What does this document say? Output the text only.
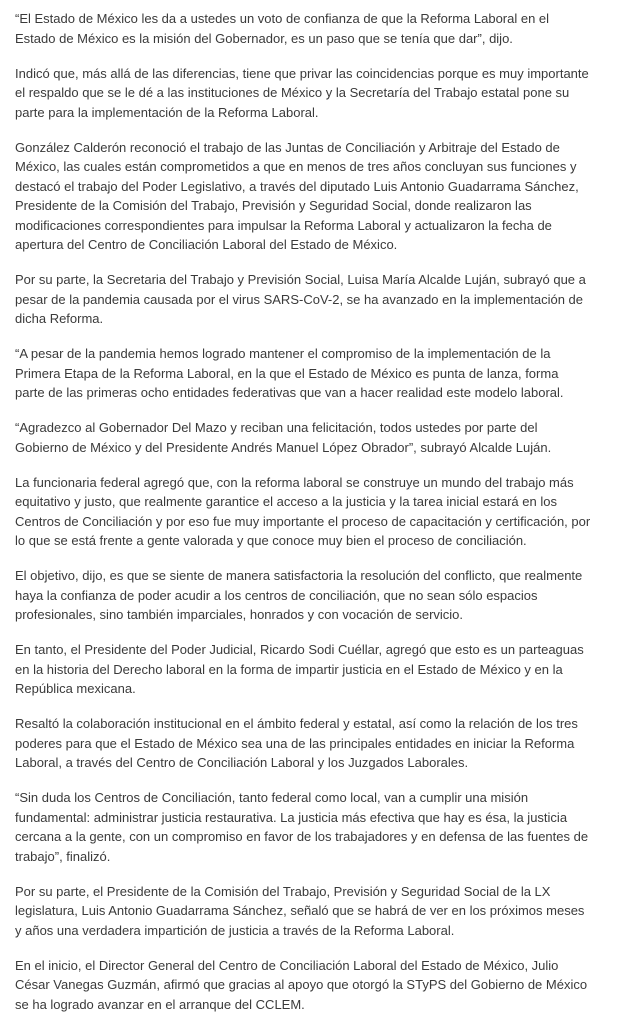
“El Estado de México les da a ustedes un voto de confianza de que la Reforma Laboral en el Estado de México es la misión del Gobernador, es un paso que se tenía que dar”, dijo.

Indicó que, más allá de las diferencias, tiene que privar las coincidencias porque es muy importante el respaldo que se le dé a las instituciones de México y la Secretaría del Trabajo estatal pone su parte para la implementación de la Reforma Laboral.

González Calderón reconoció el trabajo de las Juntas de Conciliación y Arbitraje del Estado de México, las cuales están comprometidos a que en menos de tres años concluyan sus funciones y destacó el trabajo del Poder Legislativo, a través del diputado Luis Antonio Guadarrama Sánchez, Presidente de la Comisión del Trabajo, Previsión y Seguridad Social, donde realizaron las modificaciones correspondientes para impulsar la Reforma Laboral y actualizaron la fecha de apertura del Centro de Conciliación Laboral del Estado de México.

Por su parte, la Secretaria del Trabajo y Previsión Social, Luisa María Alcalde Luján, subrayó que a pesar de la pandemia causada por el virus SARS-CoV-2, se ha avanzado en la implementación de dicha Reforma.

“A pesar de la pandemia hemos logrado mantener el compromiso de la implementación de la Primera Etapa de la Reforma Laboral, en la que el Estado de México es punta de lanza, forma parte de las primeras ocho entidades federativas que van a hacer realidad este modelo laboral.

“Agradezco al Gobernador Del Mazo y reciban una felicitación, todos ustedes por parte del Gobierno de México y del Presidente Andrés Manuel López Obrador”, subrayó Alcalde Luján.

La funcionaria federal agregó que, con la reforma laboral se construye un mundo del trabajo más equitativo y justo, que realmente garantice el acceso a la justicia y la tarea inicial estará en los Centros de Conciliación y por eso fue muy importante el proceso de capacitación y certificación, por lo que se está frente a gente valorada y que conoce muy bien el proceso de conciliación.

El objetivo, dijo, es que se siente de manera satisfactoria la resolución del conflicto, que realmente haya la confianza de poder acudir a los centros de conciliación, que no sean sólo espacios profesionales, sino también imparciales, honrados y con vocación de servicio.

En tanto, el Presidente del Poder Judicial, Ricardo Sodi Cuéllar, agregó que esto es un parteaguas en la historia del Derecho laboral en la forma de impartir justicia en el Estado de México y en la República mexicana.

Resaltó la colaboración institucional en el ámbito federal y estatal, así como la relación de los tres poderes para que el Estado de México sea una de las principales entidades en iniciar la Reforma Laboral, a través del Centro de Conciliación Laboral y los Juzgados Laborales.

“Sin duda los Centros de Conciliación, tanto federal como local, van a cumplir una misión fundamental: administrar justicia restaurativa. La justicia más efectiva que hay es ésa, la justicia cercana a la gente, con un compromiso en favor de los trabajadores y en defensa de las fuentes de trabajo”, finalizó.

Por su parte, el Presidente de la Comisión del Trabajo, Previsión y Seguridad Social de la LX legislatura, Luis Antonio Guadarrama Sánchez, señaló que se habrá de ver en los próximos meses y años una verdadera impartición de justicia a través de la Reforma Laboral.

En el inicio, el Director General del Centro de Conciliación Laboral del Estado de México, Julio César Vanegas Guzmán, afirmó que gracias al apoyo que otorgó la STyPS del Gobierno de México se ha logrado avanzar en el arranque del CCLEM.
